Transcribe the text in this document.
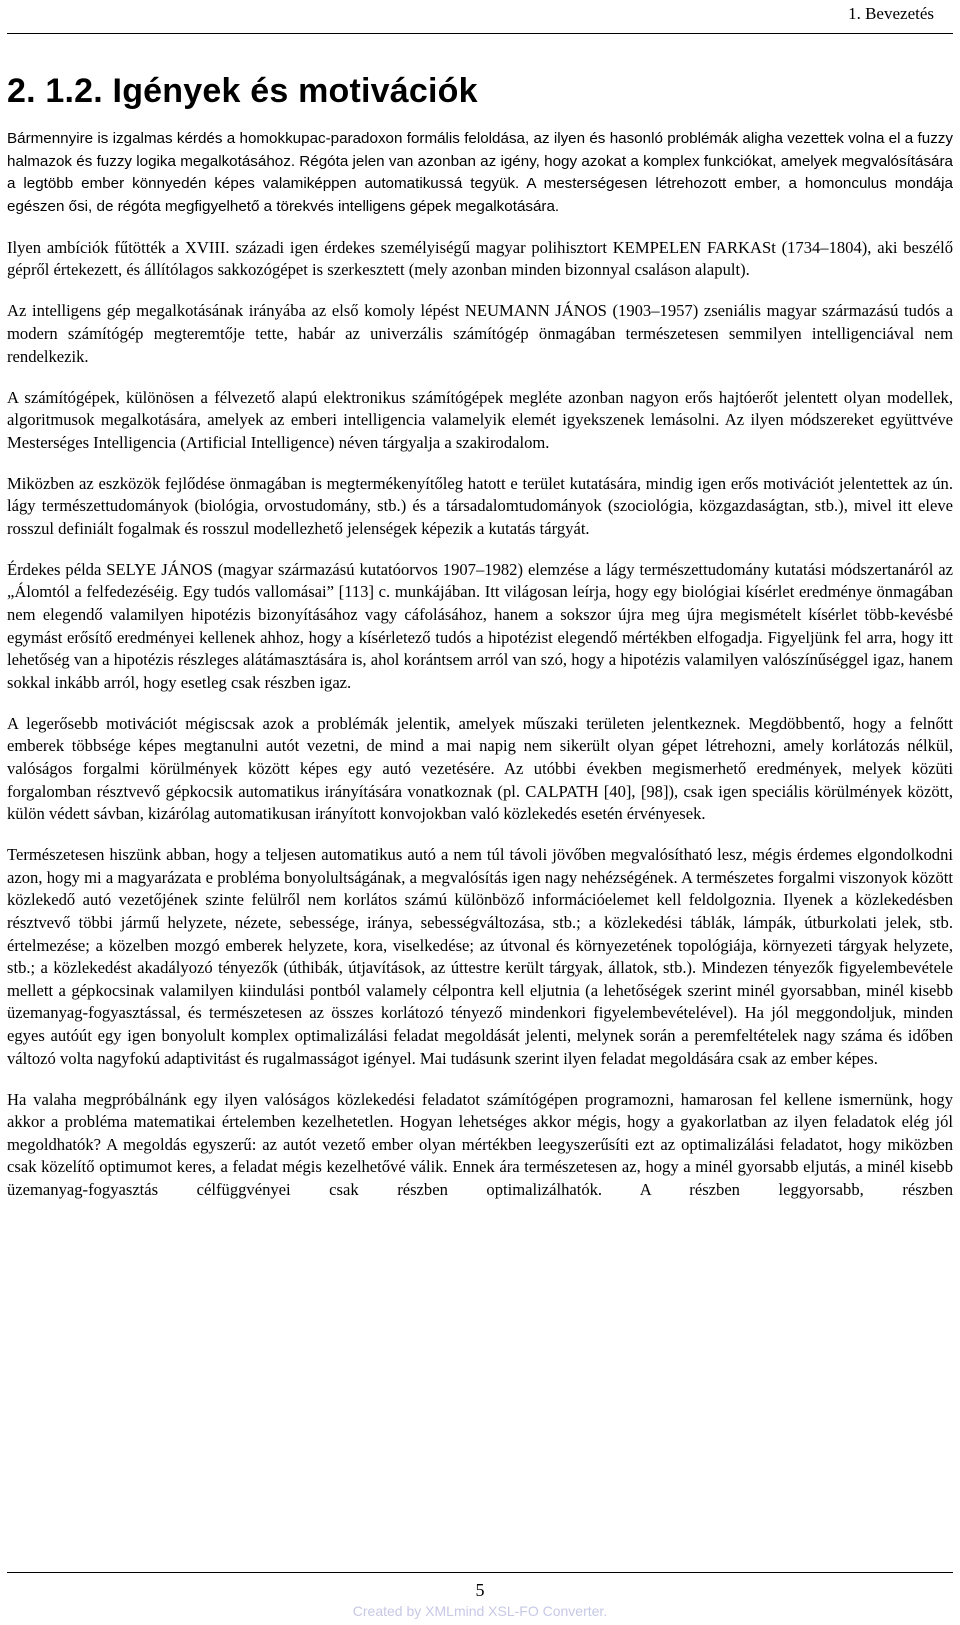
1. Bevezetés
2. 1.2. Igények és motivációk

Bármennyire is izgalmas kérdés a homokkupac-paradoxon formális feloldása, az ilyen és hasonló problémák aligha vezettek volna el a fuzzy halmazok és fuzzy logika megalkotásához. Régóta jelen van azonban az igény, hogy azokat a komplex funkciókat, amelyek megvalósítására a legtöbb ember könnyedén képes valamiképpen automatikussá tegyük. A mesterségesen létrehozott ember, a homonculus mondája egészen ősi, de régóta megfigyelhető a törekvés intelligens gépek megalkotására.

Ilyen ambíciók fűtötték a XVIII. századi igen érdekes személyiségű magyar polihisztort KEMPELEN FARKASt (1734–1804), aki beszélő gépről értekezett, és állítólagos sakkozógépet is szerkesztett (mely azonban minden bizonnyal csaláson alapult).

Az intelligens gép megalkotásának irányába az első komoly lépést NEUMANN JÁNOS (1903–1957) zseniális magyar származású tudós a modern számítógép megteremtője tette, habár az univerzális számítógép önmagában természetesen semmilyen intelligenciával nem rendelkezik.

A számítógépek, különösen a félvezető alapú elektronikus számítógépek megléte azonban nagyon erős hajtóerőt jelentett olyan modellek, algoritmusok megalkotására, amelyek az emberi intelligencia valamelyik elemét igyekszenek lemásolni. Az ilyen módszereket együttvéve Mesterséges Intelligencia (Artificial Intelligence) néven tárgyalja a szakirodalom.

Miközben az eszközök fejlődése önmagában is megtermékenyítőleg hatott e terület kutatására, mindig igen erős motivációt jelentettek az ún. lágy természettudományok (biológia, orvostudomány, stb.) és a társadalomtudományok (szociológia, közgazdaságtan, stb.), mivel itt eleve rosszul definiált fogalmak és rosszul modellezhető jelenségek képezik a kutatás tárgyát.

Érdekes példa SELYE JÁNOS (magyar származású kutatóorvos 1907–1982) elemzése a lágy természettudomány kutatási módszertanáról az „Álomtól a felfedezéséig. Egy tudós vallomásai” [113] c. munkájában. Itt világosan leírja, hogy egy biológiai kísérlet eredménye önmagában nem elegendő valamilyen hipotézis bizonyításához vagy cáfolásához, hanem a sokszor újra meg újra megismételt kísérlet több-kevésbé egymást erősítő eredményei kellenek ahhoz, hogy a kísérletező tudós a hipotézist elegendő mértékben elfogadja. Figyeljünk fel arra, hogy itt lehetőség van a hipotézis részleges alátámasztására is, ahol korántsem arról van szó, hogy a hipotézis valamilyen valószínűséggel igaz, hanem sokkal inkább arról, hogy esetleg csak részben igaz.

A legerősebb motivációt mégiscsak azok a problémák jelentik, amelyek műszaki területen jelentkeznek. Megdöbbentő, hogy a felnőtt emberek többsége képes megtanulni autót vezetni, de mind a mai napig nem sikerült olyan gépet létrehozni, amely korlátozás nélkül, valóságos forgalmi körülmények között képes egy autó vezetésére. Az utóbbi években megismerhető eredmények, melyek közüti forgalomban résztvevő gépkocsik automatikus irányítására vonatkoznak (pl. CALPATH [40], [98]), csak igen speciális körülmények között, külön védett sávban, kizárólag automatikusan irányított konvojokban való közlekedés esetén érvényesek.

Természetesen hiszünk abban, hogy a teljesen automatikus autó a nem túl távoli jövőben megvalósítható lesz, mégis érdemes elgondolkodni azon, hogy mi a magyarázata e probléma bonyolultságának, a megvalósítás igen nagy nehézségének. A természetes forgalmi viszonyok között közlekedő autó vezetőjének szinte felülről nem korlátos számú különböző információelemet kell feldolgoznia. Ilyenek a közlekedésben résztvevő többi jármű helyzete, nézete, sebessége, iránya, sebességváltozása, stb.; a közlekedési táblák, lámpák, útburkolati jelek, stb. értelmezése; a közelben mozgó emberek helyzete, kora, viselkedése; az útvonal és környezetének topológiája, környezeti tárgyak helyzete, stb.; a közlekedést akadályozó tényezők (úthibák, útjavítások, az úttestre került tárgyak, állatok, stb.). Mindezen tényezők figyelembevétele mellett a gépkocsinak valamilyen kiindulási pontból valamely célpontra kell eljutnia (a lehetőségek szerint minél gyorsabban, minél kisebb üzemanyag-fogyasztással, és természetesen az összes korlátozó tényező mindenkori figyelembevételével). Ha jól meggondoljuk, minden egyes autóút egy igen bonyolult komplex optimalizálási feladat megoldását jelenti, melynek során a peremfeltételek nagy száma és időben változó volta nagyfokú adaptivitást és rugalmasságot igényel. Mai tudásunk szerint ilyen feladat megoldására csak az ember képes.

Ha valaha megpróbálnánk egy ilyen valóságos közlekedési feladatot számítógépen programozni, hamarosan fel kellene ismernünk, hogy akkor a probléma matematikai értelemben kezelhetetlen. Hogyan lehetséges akkor mégis, hogy a gyakorlatban az ilyen feladatok elég jól megoldhatók? A megoldás egyszerű: az autót vezető ember olyan mértékben leegyszerűsíti ezt az optimalizálási feladatot, hogy miközben csak közelítő optimumot keres, a feladat mégis kezelhetővé válik. Ennek ára természetesen az, hogy a minél gyorsabb eljutás, a minél kisebb üzemanyag-fogyasztás célfüggvényei csak részben optimalizálhatók. A részben leggyorsabb, részben

5
Created by XMLmind XSL-FO Converter.
